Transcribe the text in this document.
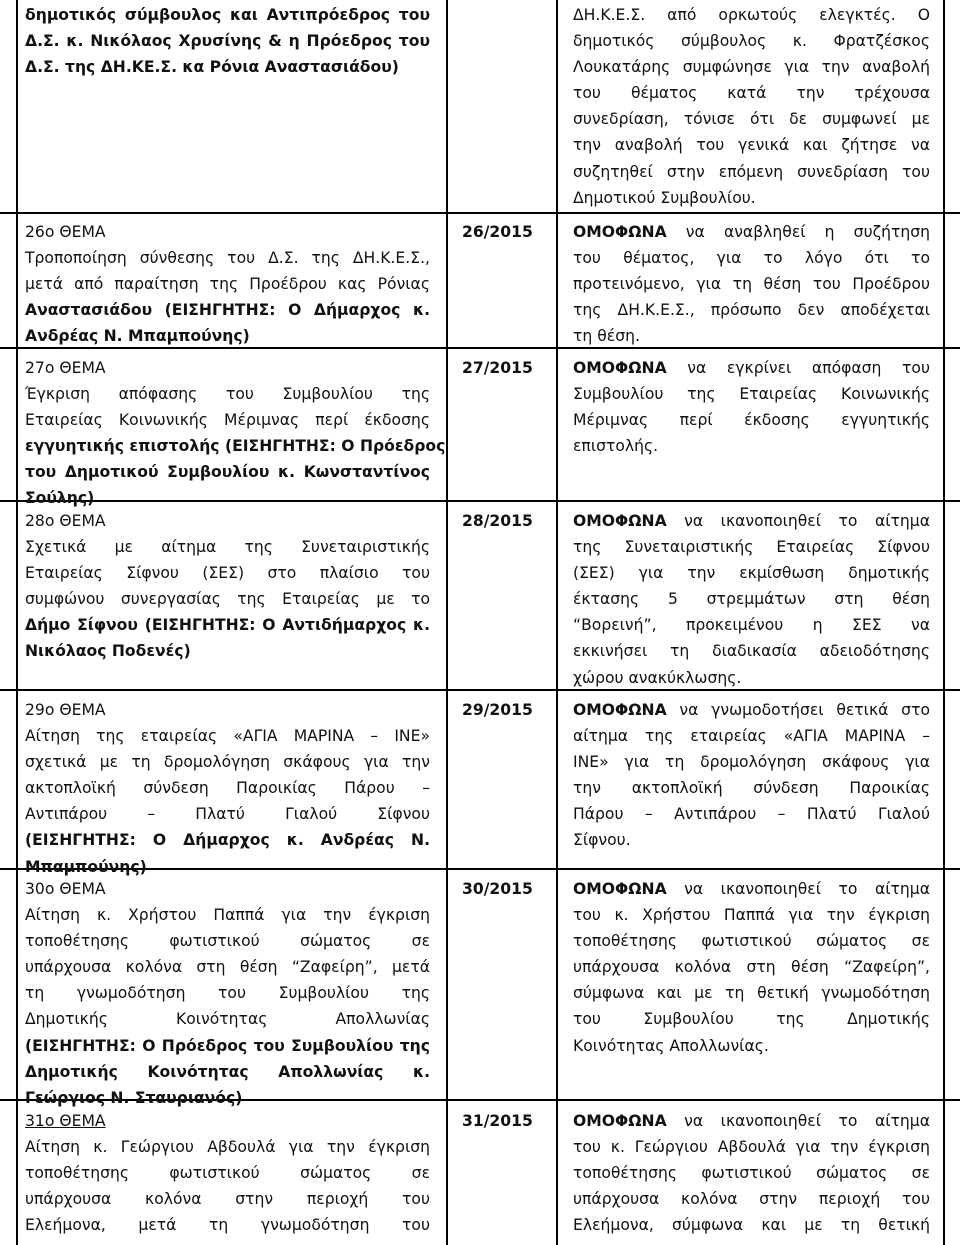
δημοτικός σύμβουλος και Αντιπρόεδρος του
Δ.Σ. κ. Νικόλαος Χρυσίνης & η Πρόεδρος του
Δ.Σ. της ΔΗ.ΚΕ.Σ. κα Ρόνια Αναστασιάδου)
26ο ΘΕΜΑ
Τροποποίηση σύνθεσης του Δ.Σ. της ΔΗ.Κ.Ε.Σ.,
μετά από παραίτηση της Προέδρου κας Ρόνιας
Αναστασιάδου (ΕΙΣΗΓΗΤΗΣ: Ο Δήμαρχος κ.
Ανδρέας Ν. Μπαμπούνης)
27ο ΘΕΜΑ
Έγκριση απόφασης του Συμβουλίου της
Εταιρείας Κοινωνικής Μέριμνας περί έκδοσης
εγγυητικής επιστολής (ΕΙΣΗΓΗΤΗΣ: Ο Πρόεδρος
του Δημοτικού Συμβουλίου κ. Κωνσταντίνος
Σούλης)
28ο ΘΕΜΑ
Σχετικά με αίτημα της Συνεταιριστικής
Εταιρείας Σίφνου (ΣΕΣ) στο πλαίσιο του
συμφώνου συνεργασίας της Εταιρείας με το
Δήμο Σίφνου (ΕΙΣΗΓΗΤΗΣ: Ο Αντιδήμαρχος κ.
Νικόλαος Ποδενές)
29ο ΘΕΜΑ
Αίτηση της εταιρείας «ΑΓΙΑ ΜΑΡΙΝΑ – ΙΝΕ»
σχετικά με τη δρομολόγηση σκάφους για την
ακτοπλοϊκή σύνδεση Παροικίας Πάρου –
Αντιπάρου – Πλατύ Γιαλού Σίφνου
(ΕΙΣΗΓΗΤΗΣ: Ο Δήμαρχος κ. Ανδρέας Ν.
Μπαμπούνης)
30ο ΘΕΜΑ
Αίτηση κ. Χρήστου Παππά για την έγκριση
τοποθέτησης φωτιστικού σώματος σε
υπάρχουσα κολόνα στη θέση “Ζαφείρη”, μετά
τη γνωμοδότηση του Συμβουλίου της
Δημοτικής Κοινότητας Απολλωνίας
(ΕΙΣΗΓΗΤΗΣ: Ο Πρόεδρος του Συμβουλίου της
Δημοτικής Κοινότητας Απολλωνίας κ.
Γεώργιος Ν. Σταυριανός)
31ο ΘΕΜΑ
Αίτηση κ. Γεώργιου Αβδουλά για την έγκριση
τοποθέτησης φωτιστικού σώματος σε
υπάρχουσα κολόνα στην περιοχή του
Ελεήμονα, μετά τη γνωμοδότηση του
ΔΗ.Κ.Ε.Σ. από ορκωτούς ελεγκτές. Ο
δημοτικός σύμβουλος κ. Φρατζέσκος
Λουκατάρης συμφώνησε για την αναβολή
του θέματος κατά την τρέχουσα
συνεδρίαση, τόνισε ότι δε συμφωνεί με
την αναβολή του γενικά και ζήτησε να
συζητηθεί στην επόμενη συνεδρίαση του
Δημοτικού Συμβουλίου.
ΟΜΟΦΩΝΑ να αναβληθεί η συζήτηση
του θέματος, για το λόγο ότι το
προτεινόμενο, για τη θέση του Προέδρου
της ΔΗ.Κ.Ε.Σ., πρόσωπο δεν αποδέχεται
τη θέση.
26/2015
ΟΜΟΦΩΝΑ να εγκρίνει απόφαση του
Συμβουλίου της Εταιρείας Κοινωνικής
Μέριμνας περί έκδοσης εγγυητικής
επιστολής.
27/2015
ΟΜΟΦΩΝΑ να ικανοποιηθεί το αίτημα
της Συνεταιριστικής Εταιρείας Σίφνου
(ΣΕΣ) για την εκμίσθωση δημοτικής
έκτασης 5 στρεμμάτων στη θέση
“Βορεινή”, προκειμένου η ΣΕΣ να
εκκινήσει τη διαδικασία αδειοδότησης
χώρου ανακύκλωσης.
28/2015
ΟΜΟΦΩΝΑ να γνωμοδοτήσει θετικά στο
αίτημα της εταιρείας «ΑΓΙΑ ΜΑΡΙΝΑ –
ΙΝΕ» για τη δρομολόγηση σκάφους για
την ακτοπλοϊκή σύνδεση Παροικίας
Πάρου – Αντιπάρου – Πλατύ Γιαλού
Σίφνου.
29/2015
ΟΜΟΦΩΝΑ να ικανοποιηθεί το αίτημα
του κ. Χρήστου Παππά για την έγκριση
τοποθέτησης φωτιστικού σώματος σε
υπάρχουσα κολόνα στη θέση “Ζαφείρη”,
σύμφωνα και με τη θετική γνωμοδότηση
του Συμβουλίου της Δημοτικής
Κοινότητας Απολλωνίας.
30/2015
ΟΜΟΦΩΝΑ να ικανοποιηθεί το αίτημα
του κ. Γεώργιου Αβδουλά για την έγκριση
τοποθέτησης φωτιστικού σώματος σε
υπάρχουσα κολόνα στην περιοχή του
Ελεήμονα, σύμφωνα και με τη θετική
31/2015
